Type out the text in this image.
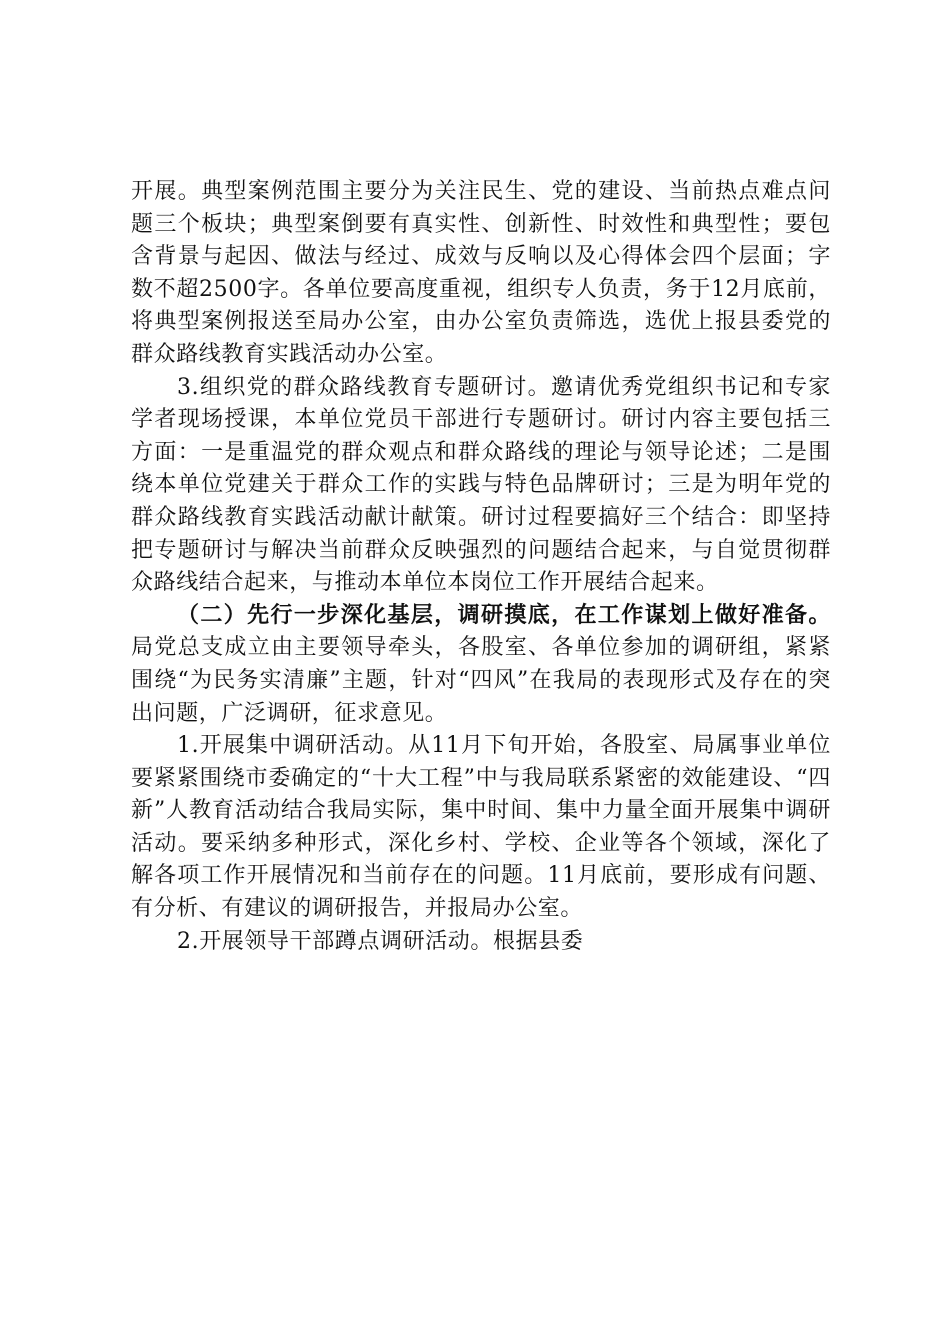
开展。典型案例范围主要分为关注民生、党的建设、当前热点难点问题三个板块；典型案倒要有真实性、创新性、时效性和典型性；要包含背景与起因、做法与经过、成效与反响以及心得体会四个层面；字数不超2500字。各单位要高度重视，组织专人负责，务于12月底前，将典型案例报送至局办公室，由办公室负责筛选，选优上报县委党的群众路线教育实践活动办公室。

3.组织党的群众路线教育专题研讨。邀请优秀党组织书记和专家学者现场授课，本单位党员干部进行专题研讨。研讨内容主要包括三方面：一是重温党的群众观点和群众路线的理论与领导论述；二是围绕本单位党建关于群众工作的实践与特色品牌研讨；三是为明年党的群众路线教育实践活动献计献策。研讨过程要搞好三个结合：即坚持把专题研讨与解决当前群众反映强烈的问题结合起来，与自觉贯彻群众路线结合起来，与推动本单位本岗位工作开展结合起来。

（二）先行一步深化基层，调研摸底，在工作谋划上做好准备。局党总支成立由主要领导牵头，各股室、各单位参加的调研组，紧紧围绕“为民务实清廉”主题，针对“四风”在我局的表现形式及存在的突出问题，广泛调研，征求意见。

1.开展集中调研活动。从11月下旬开始，各股室、局属事业单位要紧紧围绕市委确定的“十大工程”中与我局联系紧密的效能建设、“四新”人教育活动结合我局实际，集中时间、集中力量全面开展集中调研活动。要采纳多种形式，深化乡村、学校、企业等各个领域，深化了解各项工作开展情况和当前存在的问题。11月底前，要形成有问题、有分析、有建议的调研报告，并报局办公室。

2.开展领导干部蹲点调研活动。根据县委
